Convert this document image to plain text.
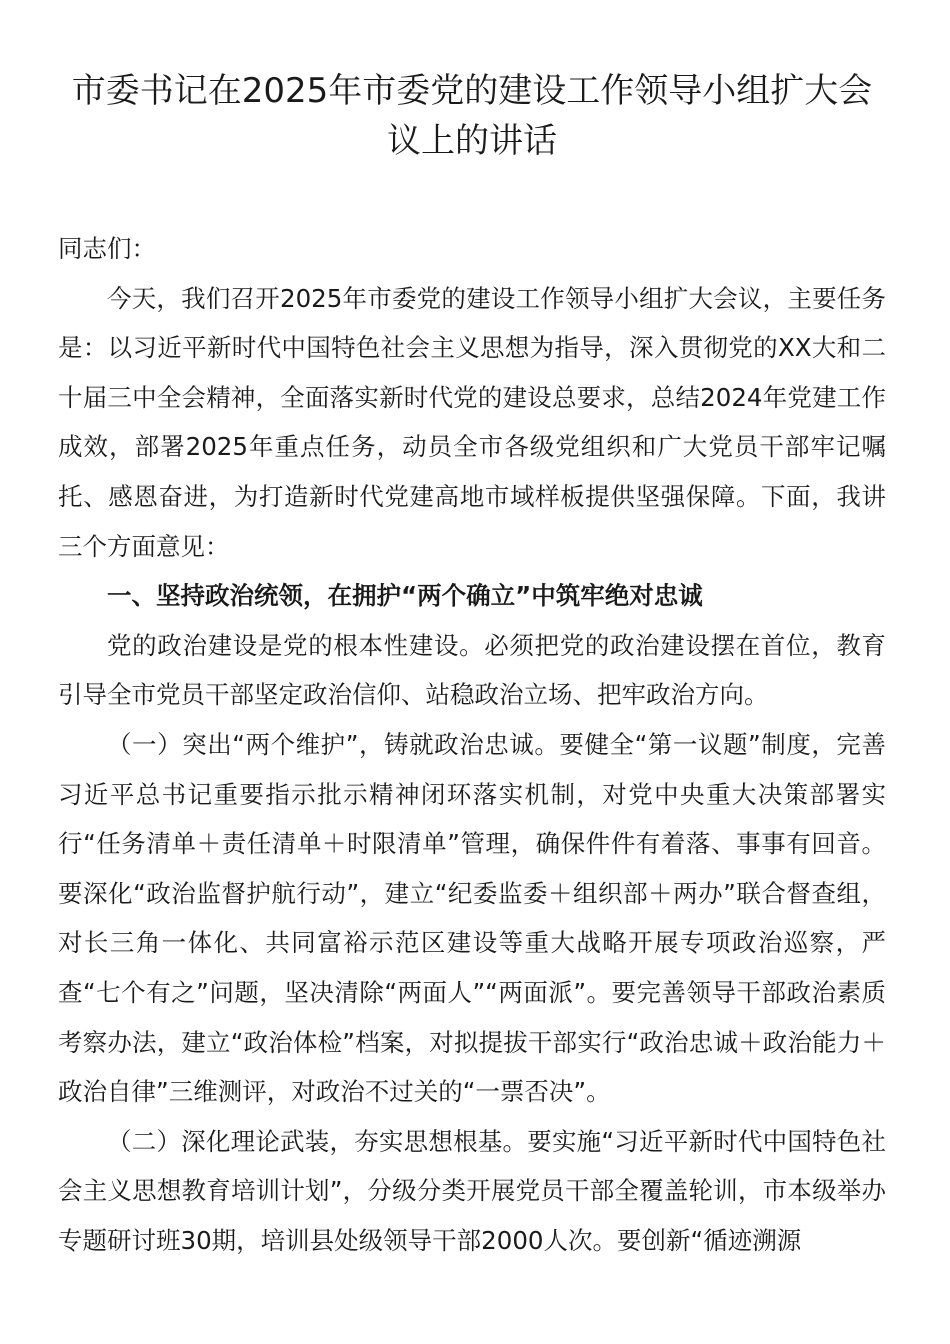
市委书记在2025年市委党的建设工作领导小组扩大会议上的讲话

同志们：

今天，我们召开2025年市委党的建设工作领导小组扩大会议，主要任务是：以习近平新时代中国特色社会主义思想为指导，深入贯彻党的XX大和二十届三中全会精神，全面落实新时代党的建设总要求，总结2024年党建工作成效，部署2025年重点任务，动员全市各级党组织和广大党员干部牢记嘱托、感恩奋进，为打造新时代党建高地市域样板提供坚强保障。下面，我讲三个方面意见：

一、坚持政治统领，在拥护“两个确立”中筑牢绝对忠诚

党的政治建设是党的根本性建设。必须把党的政治建设摆在首位，教育引导全市党员干部坚定政治信仰、站稳政治立场、把牢政治方向。

（一）突出“两个维护”，铸就政治忠诚。要健全“第一议题”制度，完善习近平总书记重要指示批示精神闭环落实机制，对党中央重大决策部署实行“任务清单＋责任清单＋时限清单”管理，确保件件有着落、事事有回音。要深化“政治监督护航行动”，建立“纪委监委＋组织部＋两办”联合督查组，对长三角一体化、共同富裕示范区建设等重大战略开展专项政治巡察，严查“七个有之”问题，坚决清除“两面人”“两面派”。要完善领导干部政治素质考察办法，建立“政治体检”档案，对拟提拔干部实行“政治忠诚＋政治能力＋政治自律”三维测评，对政治不过关的“一票否决”。

（二）深化理论武装，夯实思想根基。要实施“习近平新时代中国特色社会主义思想教育培训计划”，分级分类开展党员干部全覆盖轮训，市本级举办专题研讨班30期，培训县处级领导干部2000人次。要创新“循迹溯源
